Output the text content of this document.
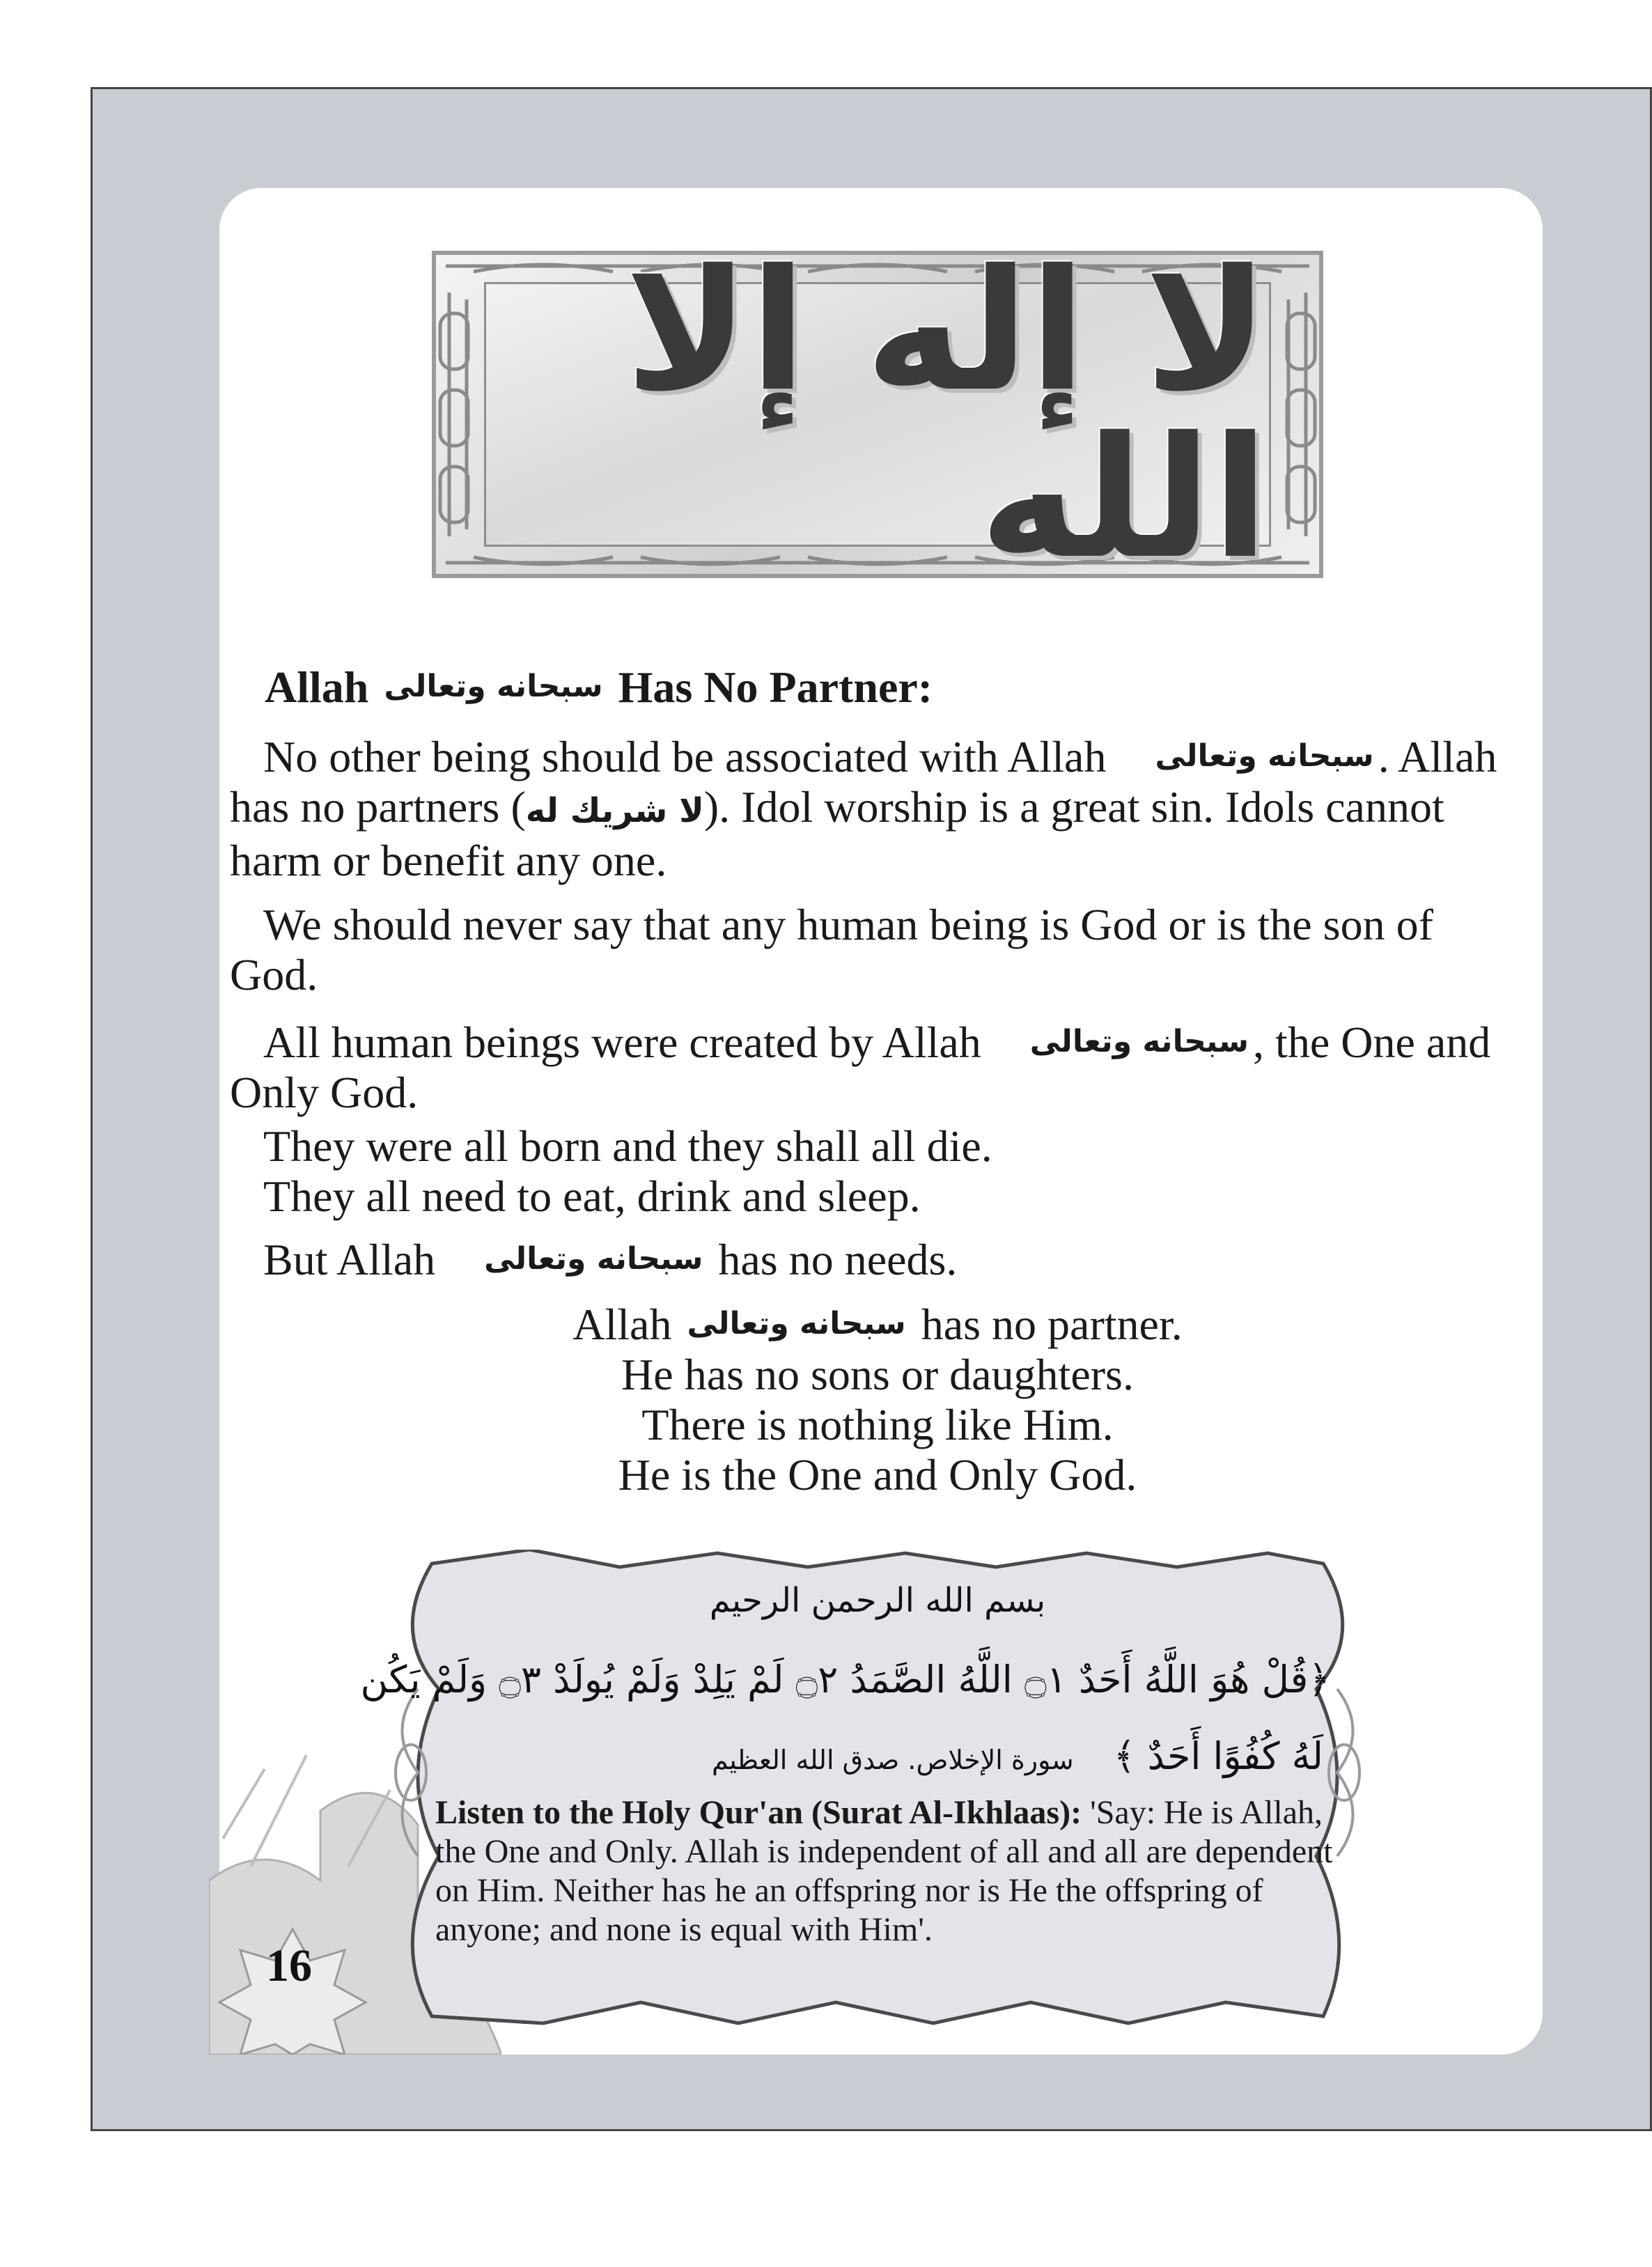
لا إله إلا الله
Allah سبحانه وتعالى Has No Partner:
No other being should be associated with Allah سبحانه وتعالى. Allah has no partners (لا شريك له). Idol worship is a great sin. Idols cannot harm or benefit any one.
We should never say that any human being is God or is the son of God.
All human beings were created by Allah سبحانه وتعالى, the One and Only God.
They were all born and they shall all die.
They all need to eat, drink and sleep.
But Allah سبحانه وتعالى has no needs.
Allah سبحانه وتعالى has no partner.
He has no sons or daughters.
There is nothing like Him.
He is the One and Only God.
16
بسم الله الرحمن الرحيم
﴿قُلْ هُوَ اللَّهُ أَحَدٌ ۝١ اللَّهُ الصَّمَدُ ۝٢ لَمْ يَلِدْ وَلَمْ يُولَدْ ۝٣ وَلَمْ يَكُن
لَهُ كُفُوًا أَحَدٌ ﴾ سورة الإخلاص. صدق الله العظيم
Listen to the Holy Qur'an (Surat Al-Ikhlaas): 'Say: He is Allah, the One and Only. Allah is independent of all and all are dependent on Him. Neither has he an offspring nor is He the offspring of anyone; and none is equal with Him'.
